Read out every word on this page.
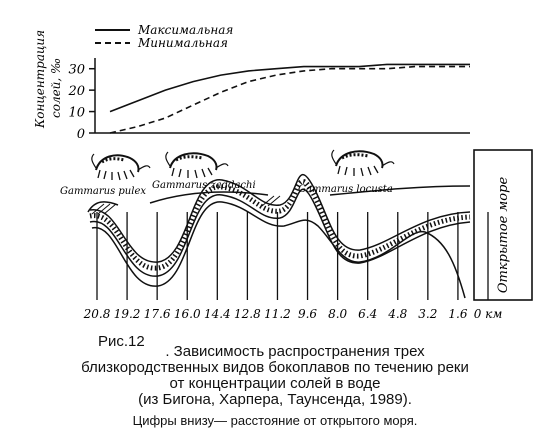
Максимальная
Минимальная
Концентрация солей, ‰
0
10
20
30
Открытое море
Gammarus pulex
Gammarus zaddachi	Gammarus locusta
20.8 19.2 17.6 16.0 14.4 12.8 11.2 9.6 8.0 6.4 4.8 3.2 1.6 0 км
Рис.12
. Зависимость распространения трех
близкородственных видов бокоплавов по течению реки
от концентрации солей в воде
(из Бигона, Харпера, Таунсенда, 1989).
Цифры внизу— расстояние от открытого моря.
